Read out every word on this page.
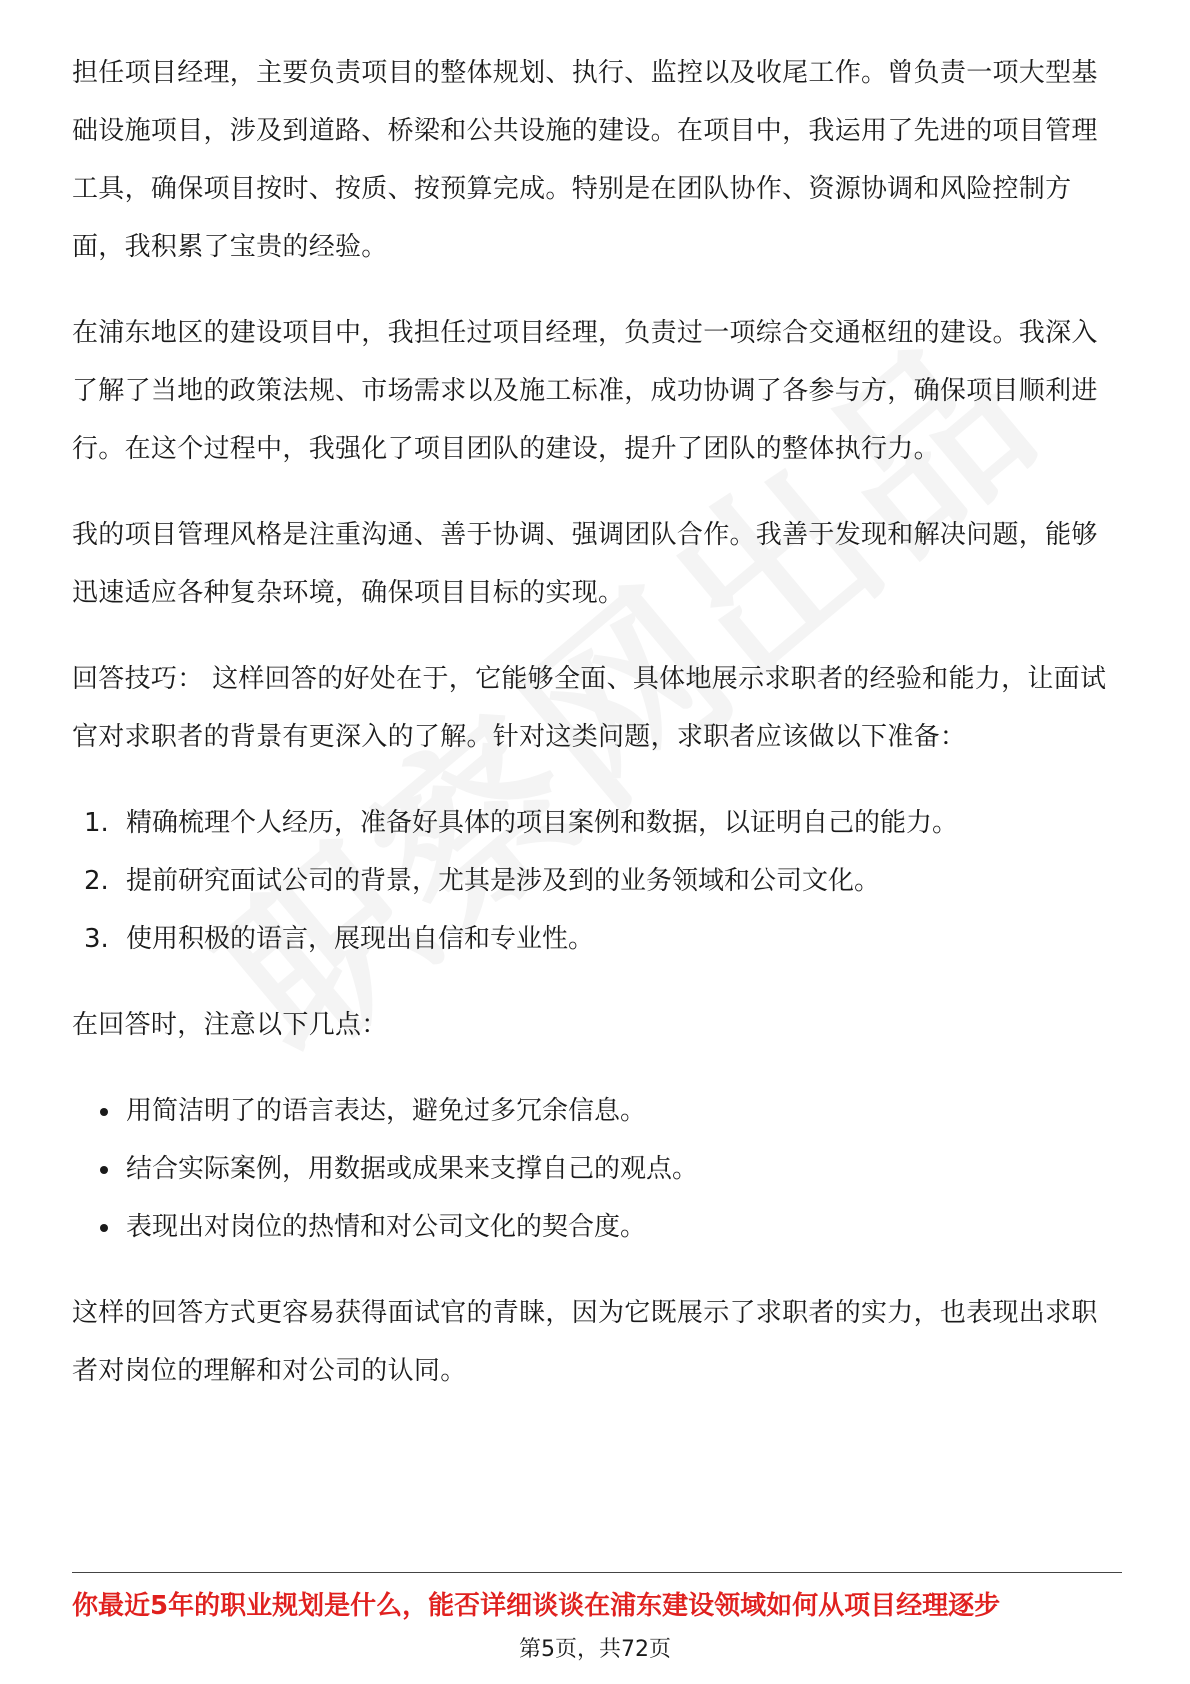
担任项目经理，主要负责项目的整体规划、执行、监控以及收尾工作。曾负责一项大型基础设施项目，涉及到道路、桥梁和公共设施的建设。在项目中，我运用了先进的项目管理工具，确保项目按时、按质、按预算完成。特别是在团队协作、资源协调和风险控制方面，我积累了宝贵的经验。

在浦东地区的建设项目中，我担任过项目经理，负责过一项综合交通枢纽的建设。我深入了解了当地的政策法规、市场需求以及施工标准，成功协调了各参与方，确保项目顺利进行。在这个过程中，我强化了项目团队的建设，提升了团队的整体执行力。

我的项目管理风格是注重沟通、善于协调、强调团队合作。我善于发现和解决问题，能够迅速适应各种复杂环境，确保项目目标的实现。

回答技巧： 这样回答的好处在于，它能够全面、具体地展示求职者的经验和能力，让面试官对求职者的背景有更深入的了解。针对这类问题，求职者应该做以下准备：

1. 精确梳理个人经历，准备好具体的项目案例和数据，以证明自己的能力。
2. 提前研究面试公司的背景，尤其是涉及到的业务领域和公司文化。
3. 使用积极的语言，展现出自信和专业性。

在回答时，注意以下几点：

用简洁明了的语言表达，避免过多冗余信息。
结合实际案例，用数据或成果来支撑自己的观点。
表现出对岗位的热情和对公司文化的契合度。

这样的回答方式更容易获得面试官的青睐，因为它既展示了求职者的实力，也表现出求职者对岗位的理解和对公司的认同。

你最近5年的职业规划是什么，能否详细谈谈在浦东建设领域如何从项目经理逐步
第5页，共72页
